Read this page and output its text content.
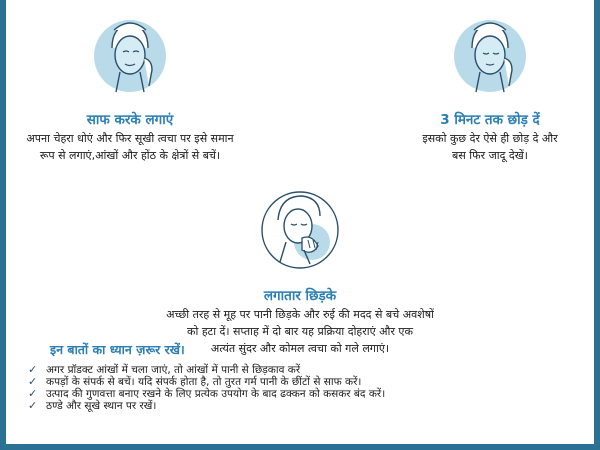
साफ करके लगाएं
अपना चेहरा धोएं और फिर सूखी त्वचा पर इसे समान
रूप से लगाएं,आंखों और होंठ के क्षेत्रों से बचें।
3 मिनट तक छोड़ दें
इसको कुछ देर ऐसे ही छोड़ दे और
बस फिर जादू देखें।
लगातार छिड़के
अच्छी तरह से मूह पर पानी छिड़के और रुई की मदद से बचे अवशेषों
को हटा दें। सप्ताह में दो बार यह प्रक्रिया दोहराएं और एक
अत्यंत सुंदर और कोमल त्वचा को गले लगाएं।
इन बातों का ध्यान ज़रूर रखें।
✓ अगर प्रॉडक्ट आंखों में चला जाएं, तो आंखों में पानी से छिड़काव करें
✓ कपड़ों के संपर्क से बचें। यदि संपर्क होता है, तो तुरत गर्म पानी के छींटों से साफ करें।
✓ उत्पाद की गुणवत्ता बनाए रखने के लिए प्रत्येक उपयोग के बाद ढक्कन को कसकर बंद करें।
✓ ठण्डे और सूखे स्थान पर रखें।
